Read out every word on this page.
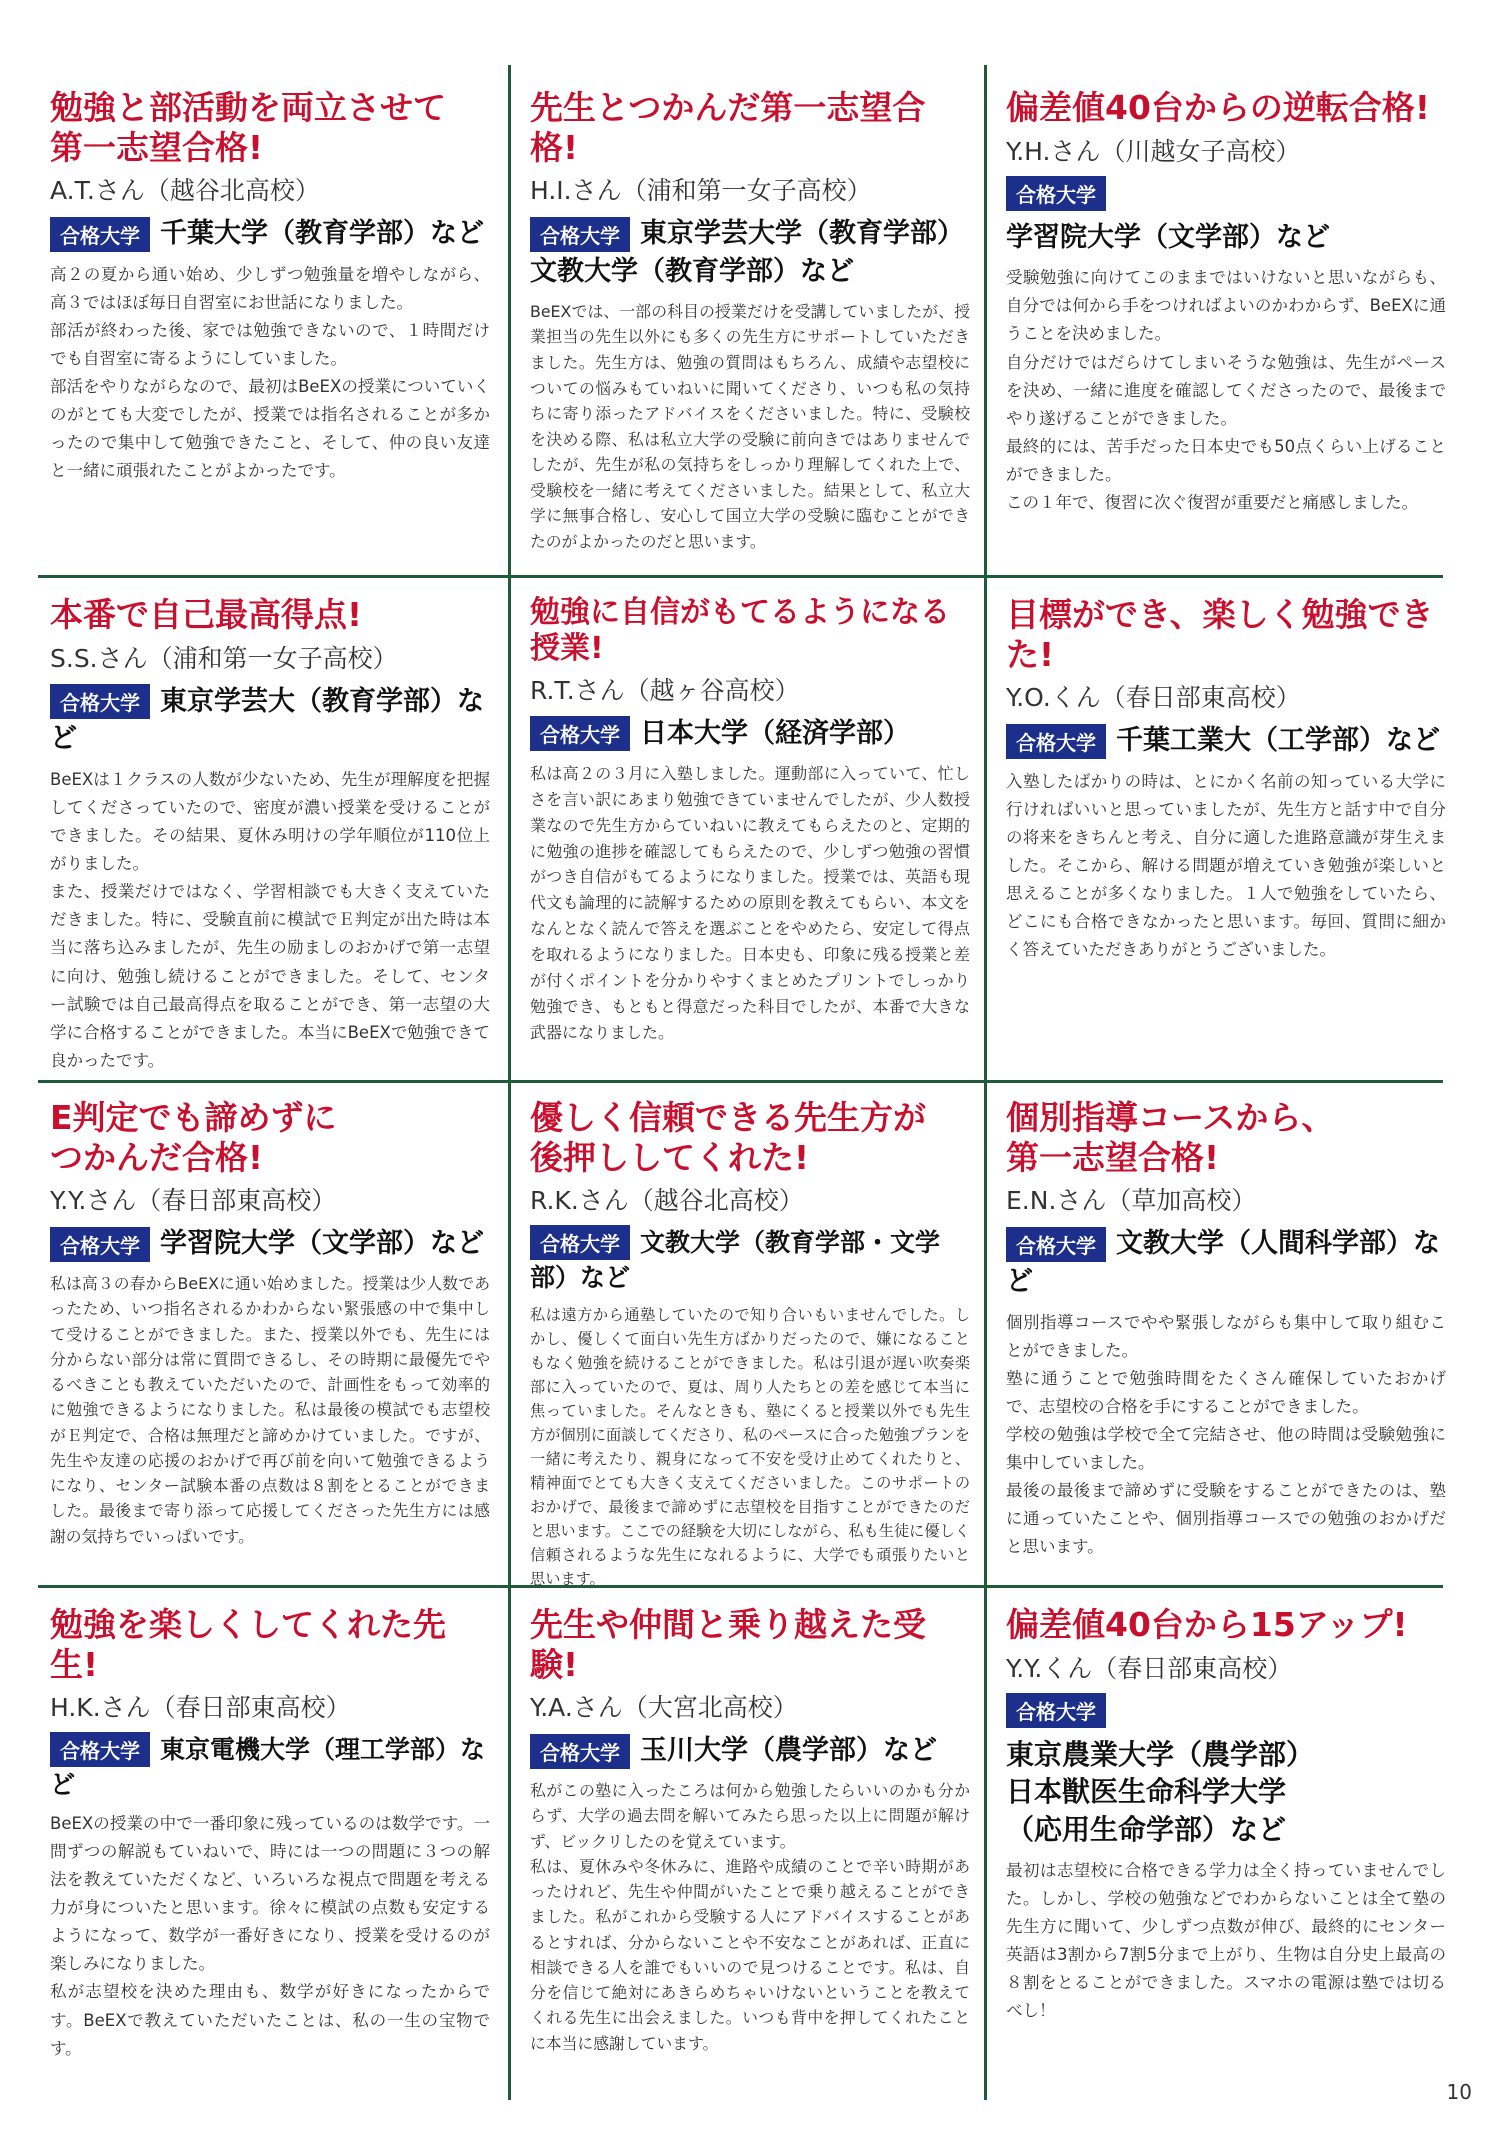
勉強と部活動を両立させて
第一志望合格!
A.T.さん（越谷北高校）
合格大学 千葉大学（教育学部）など
高２の夏から通い始め、少しずつ勉強量を増やしながら、高３ではほぼ毎日自習室にお世話になりました。
部活が終わった後、家では勉強できないので、１時間だけでも自習室に寄るようにしていました。
部活をやりながらなので、最初はBeEXの授業についていくのがとても大変でしたが、授業では指名されることが多かったので集中して勉強できたこと、そして、仲の良い友達と一緒に頑張れたことがよかったです。
先生とつかんだ第一志望合格!
H.I.さん（浦和第一女子高校）
合格大学 東京学芸大学（教育学部）
文教大学（教育学部）など
BeEXでは、一部の科目の授業だけを受講していましたが、授業担当の先生以外にも多くの先生方にサポートしていただきました。先生方は、勉強の質問はもちろん、成績や志望校についての悩みもていねいに聞いてくださり、いつも私の気持ちに寄り添ったアドバイスをくださいました。特に、受験校を決める際、私は私立大学の受験に前向きではありませんでしたが、先生が私の気持ちをしっかり理解してくれた上で、受験校を一緒に考えてくださいました。結果として、私立大学に無事合格し、安心して国立大学の受験に臨むことができたのがよかったのだと思います。
偏差値40台からの逆転合格!
Y.H.さん（川越女子高校）
合格大学
学習院大学（文学部）など
受験勉強に向けてこのままではいけないと思いながらも、自分では何から手をつければよいのかわからず、BeEXに通うことを決めました。
自分だけではだらけてしまいそうな勉強は、先生がペースを決め、一緒に進度を確認してくださったので、最後までやり遂げることができました。
最終的には、苦手だった日本史でも50点くらい上げることができました。
この１年で、復習に次ぐ復習が重要だと痛感しました。
本番で自己最高得点!
S.S.さん（浦和第一女子高校）
合格大学 東京学芸大（教育学部）など
BeEXは１クラスの人数が少ないため、先生が理解度を把握してくださっていたので、密度が濃い授業を受けることができました。その結果、夏休み明けの学年順位が110位上がりました。
また、授業だけではなく、学習相談でも大きく支えていただきました。特に、受験直前に模試でＥ判定が出た時は本当に落ち込みましたが、先生の励ましのおかげで第一志望に向け、勉強し続けることができました。そして、センター試験では自己最高得点を取ることができ、第一志望の大学に合格することができました。本当にBeEXで勉強できて良かったです。
勉強に自信がもてるようになる授業!
R.T.さん（越ヶ谷高校）
合格大学 日本大学（経済学部）
私は高２の３月に入塾しました。運動部に入っていて、忙しさを言い訳にあまり勉強できていませんでしたが、少人数授業なので先生方からていねいに教えてもらえたのと、定期的に勉強の進捗を確認してもらえたので、少しずつ勉強の習慣がつき自信がもてるようになりました。授業では、英語も現代文も論理的に読解するための原則を教えてもらい、本文をなんとなく読んで答えを選ぶことをやめたら、安定して得点を取れるようになりました。日本史も、印象に残る授業と差が付くポイントを分かりやすくまとめたプリントでしっかり勉強でき、もともと得意だった科目でしたが、本番で大きな武器になりました。
目標ができ、楽しく勉強できた!
Y.O.くん（春日部東高校）
合格大学 千葉工業大（工学部）など
入塾したばかりの時は、とにかく名前の知っている大学に行ければいいと思っていましたが、先生方と話す中で自分の将来をきちんと考え、自分に適した進路意識が芽生えました。そこから、解ける問題が増えていき勉強が楽しいと思えることが多くなりました。１人で勉強をしていたら、どこにも合格できなかったと思います。毎回、質問に細かく答えていただきありがとうございました。
E判定でも諦めずに
つかんだ合格!
Y.Y.さん（春日部東高校）
合格大学 学習院大学（文学部）など
私は高３の春からBeEXに通い始めました。授業は少人数であったため、いつ指名されるかわからない緊張感の中で集中して受けることができました。また、授業以外でも、先生には分からない部分は常に質問できるし、その時期に最優先でやるべきことも教えていただいたので、計画性をもって効率的に勉強できるようになりました。私は最後の模試でも志望校がＥ判定で、合格は無理だと諦めかけていました。ですが、先生や友達の応援のおかげで再び前を向いて勉強できるようになり、センター試験本番の点数は８割をとることができました。最後まで寄り添って応援してくださった先生方には感謝の気持ちでいっぱいです。
優しく信頼できる先生方が
後押ししてくれた!
R.K.さん（越谷北高校）
合格大学 文教大学（教育学部・文学部）など
私は遠方から通塾していたので知り合いもいませんでした。しかし、優しくて面白い先生方ばかりだったので、嫌になることもなく勉強を続けることができました。私は引退が遅い吹奏楽部に入っていたので、夏は、周り人たちとの差を感じて本当に焦っていました。そんなときも、塾にくると授業以外でも先生方が個別に面談してくださり、私のペースに合った勉強プランを一緒に考えたり、親身になって不安を受け止めてくれたりと、精神面でとても大きく支えてくださいました。このサポートのおかげで、最後まで諦めずに志望校を目指すことができたのだと思います。ここでの経験を大切にしながら、私も生徒に優しく信頼されるような先生になれるように、大学でも頑張りたいと思います。
個別指導コースから、
第一志望合格!
E.N.さん（草加高校）
合格大学 文教大学（人間科学部）など
個別指導コースでやや緊張しながらも集中して取り組むことができました。
塾に通うことで勉強時間をたくさん確保していたおかげで、志望校の合格を手にすることができました。
学校の勉強は学校で全て完結させ、他の時間は受験勉強に集中していました。
最後の最後まで諦めずに受験をすることができたのは、塾に通っていたことや、個別指導コースでの勉強のおかげだと思います。
勉強を楽しくしてくれた先生!
H.K.さん（春日部東高校）
合格大学 東京電機大学（理工学部）など
BeEXの授業の中で一番印象に残っているのは数学です。一問ずつの解説もていねいで、時には一つの問題に３つの解法を教えていただくなど、いろいろな視点で問題を考える力が身についたと思います。徐々に模試の点数も安定するようになって、数学が一番好きになり、授業を受けるのが楽しみになりました。
私が志望校を決めた理由も、数学が好きになったからです。BeEXで教えていただいたことは、私の一生の宝物です。
先生や仲間と乗り越えた受験!
Y.A.さん（大宮北高校）
合格大学 玉川大学（農学部）など
私がこの塾に入ったころは何から勉強したらいいのかも分からず、大学の過去問を解いてみたら思った以上に問題が解けず、ビックリしたのを覚えています。
私は、夏休みや冬休みに、進路や成績のことで辛い時期があったけれど、先生や仲間がいたことで乗り越えることができました。私がこれから受験する人にアドバイスすることがあるとすれば、分からないことや不安なことがあれば、正直に相談できる人を誰でもいいので見つけることです。私は、自分を信じて絶対にあきらめちゃいけないということを教えてくれる先生に出会えました。いつも背中を押してくれたことに本当に感謝しています。
偏差値40台から15アップ!
Y.Y.くん（春日部東高校）
合格大学
東京農業大学（農学部）
日本獣医生命科学大学
（応用生命学部）など
最初は志望校に合格できる学力は全く持っていませんでした。しかし、学校の勉強などでわからないことは全て塾の先生方に聞いて、少しずつ点数が伸び、最終的にセンター英語は3割から7割5分まで上がり、生物は自分史上最高の８割をとることができました。スマホの電源は塾では切るべし！
10
